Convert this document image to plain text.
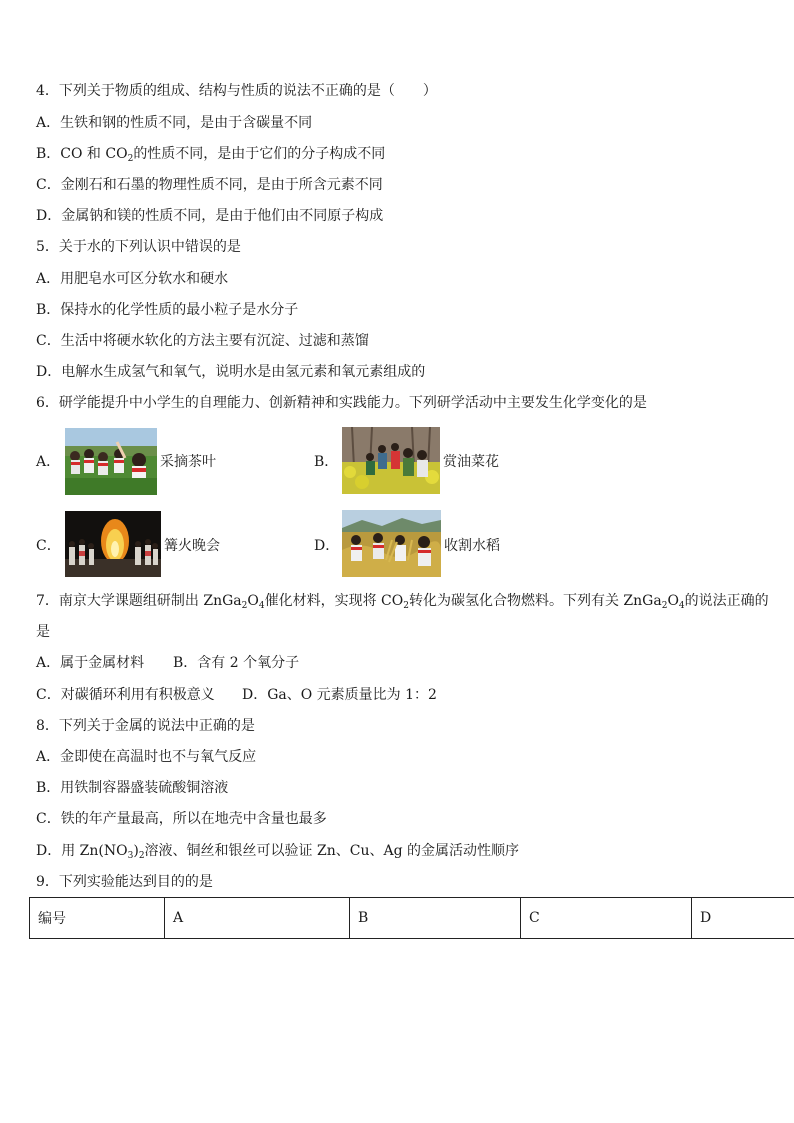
4．下列关于物质的组成、结构与性质的说法不正确的是（　　）
A．生铁和钢的性质不同，是由于含碳量不同
B．CO 和 $CO_2$的性质不同，是由于它们的分子构成不同
C．金刚石和石墨的物理性质不同，是由于所含元素不同
D．金属钠和镁的性质不同，是由于他们由不同原子构成
5．关于水的下列认识中错误的是
A．用肥皂水可区分软水和硬水
B．保持水的化学性质的最小粒子是水分子
C．生活中将硬水软化的方法主要有沉淀、过滤和蒸馏
D．电解水生成氢气和氧气，说明水是由氢元素和氧元素组成的
6．研学能提升中小学生的自理能力、创新精神和实践能力。下列研学活动中主要发生化学变化的是
A．	采摘茶叶	B．	赏油菜花
C．	篝火晚会	D．	收割水稻
7．南京大学课题组研制出 $ZnGa_2O_4$催化材料，实现将 $CO_2$转化为碳氢化合物燃料。下列有关 $ZnGa_2O_4$的说法正确的
是
A．属于金属材料 B．含有 2 个氧分子
C．对碳循环利用有积极意义 D．Ga、O 元素质量比为 1：2
8．下列关于金属的说法中正确的是
A．金即使在高温时也不与氧气反应
B．用铁制容器盛装硫酸铜溶液
C．铁的年产量最高，所以在地壳中含量也最多
D．用 $Zn(NO_3)_2$溶液、铜丝和银丝可以验证 Zn、Cu、Ag 的金属活动性顺序
9．下列实验能达到目的的是
编号	A	B	C	D
